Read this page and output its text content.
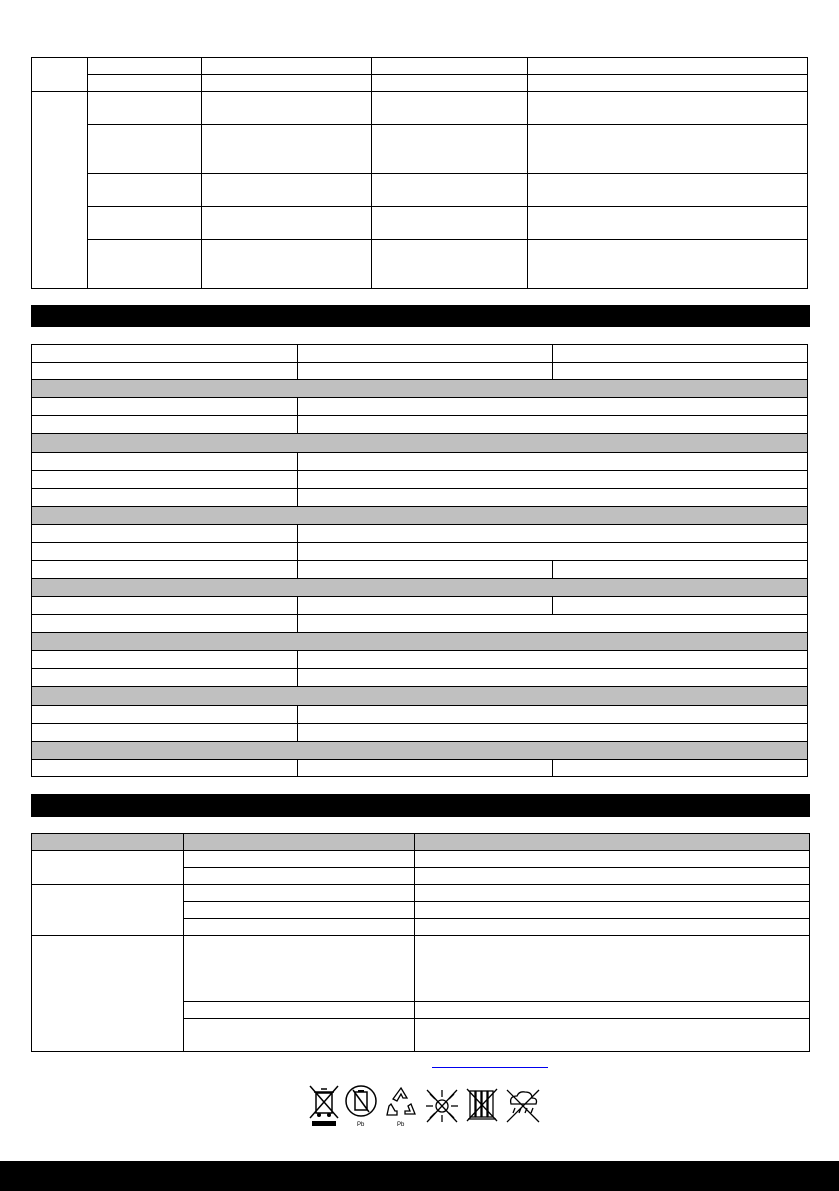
Pb	Pb
